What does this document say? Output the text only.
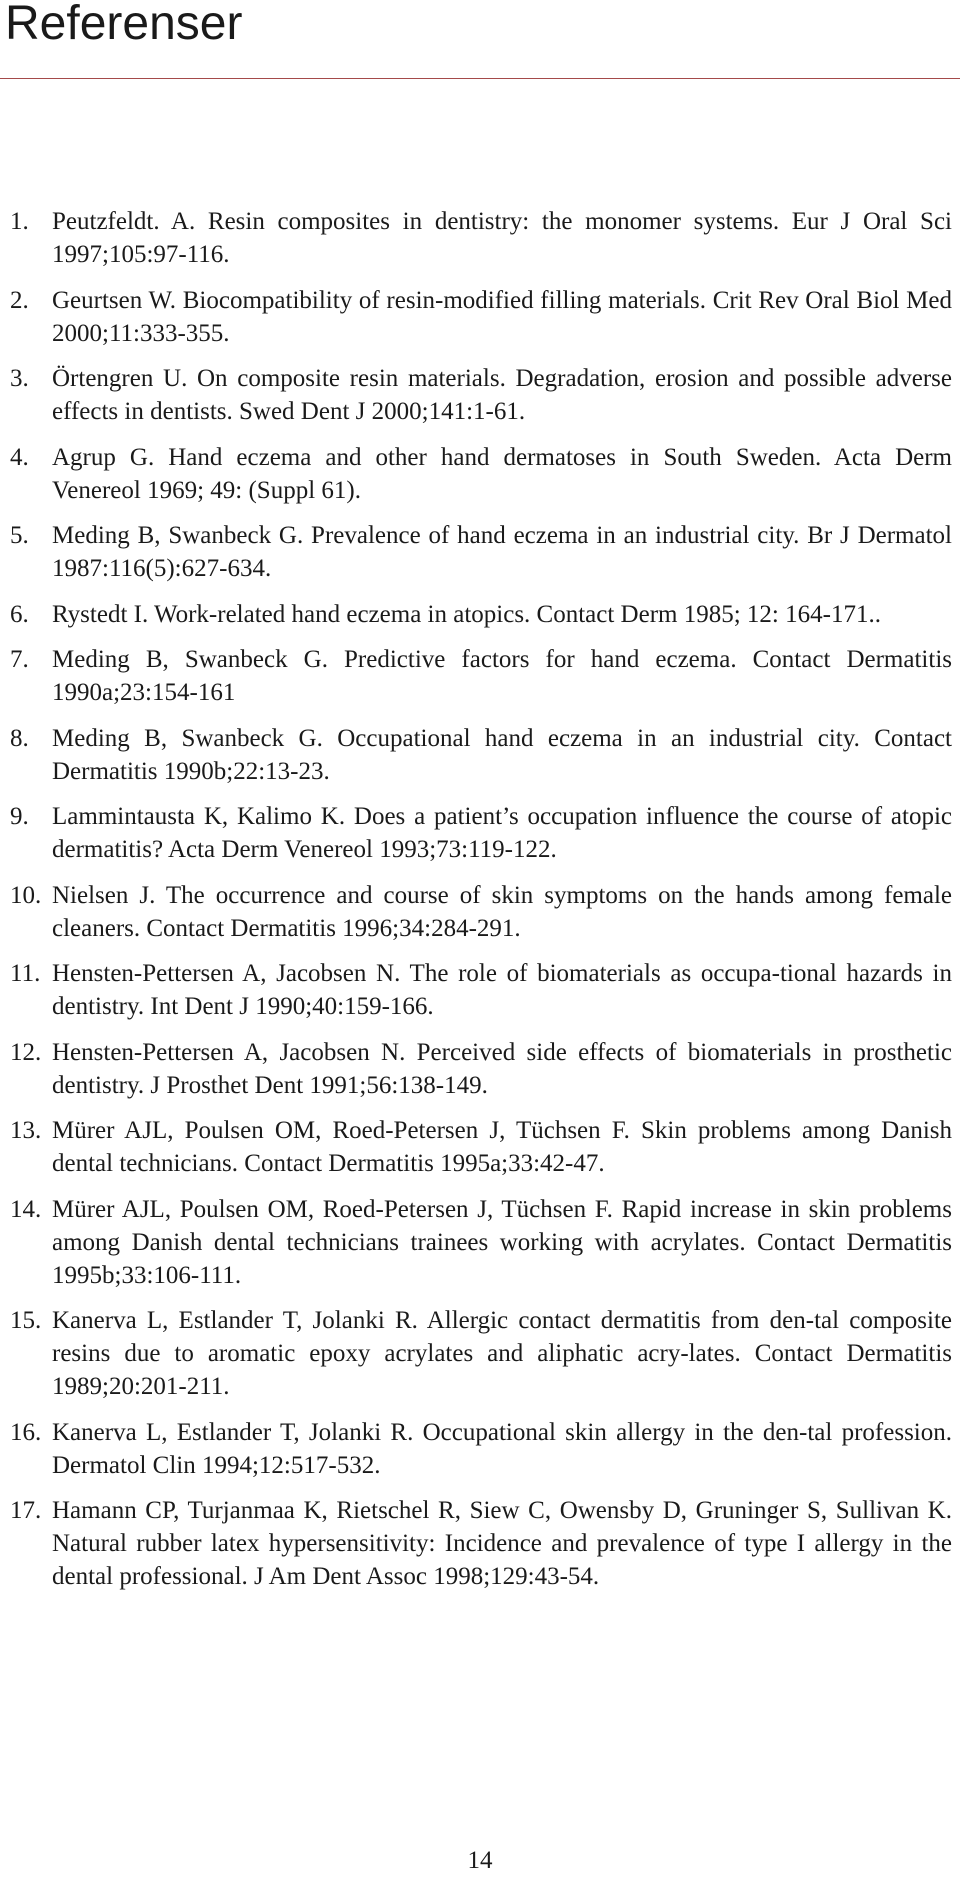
Referenser
1. Peutzfeldt. A. Resin composites in dentistry: the monomer systems. Eur J Oral Sci 1997;105:97-116.
2. Geurtsen W. Biocompatibility of resin-modified filling materials. Crit Rev Oral Biol Med 2000;11:333-355.
3. Örtengren U. On composite resin materials. Degradation, erosion and possible adverse effects in dentists. Swed Dent J 2000;141:1-61.
4. Agrup G. Hand eczema and other hand dermatoses in South Sweden. Acta Derm Venereol 1969; 49: (Suppl 61).
5. Meding B, Swanbeck G. Prevalence of hand eczema in an industrial city. Br J Dermatol 1987:116(5):627-634.
6. Rystedt I. Work-related hand eczema in atopics. Contact Derm 1985; 12: 164-171..
7. Meding B, Swanbeck G. Predictive factors for hand eczema. Contact Dermatitis 1990a;23:154-161
8. Meding B, Swanbeck G. Occupational hand eczema in an industrial city. Contact Dermatitis 1990b;22:13-23.
9. Lammintausta K, Kalimo K. Does a patient’s occupation influence the course of atopic dermatitis? Acta Derm Venereol 1993;73:119-122.
10. Nielsen J. The occurrence and course of skin symptoms on the hands among female cleaners. Contact Dermatitis 1996;34:284-291.
11. Hensten-Pettersen A, Jacobsen N. The role of biomaterials as occupa-tional hazards in dentistry. Int Dent J 1990;40:159-166.
12. Hensten-Pettersen A, Jacobsen N. Perceived side effects of biomaterials in prosthetic dentistry. J Prosthet Dent 1991;56:138-149.
13. Mürer AJL, Poulsen OM, Roed-Petersen J, Tüchsen F. Skin problems among Danish dental technicians. Contact Dermatitis 1995a;33:42-47.
14. Mürer AJL, Poulsen OM, Roed-Petersen J, Tüchsen F. Rapid increase in skin problems among Danish dental technicians trainees working with acrylates. Contact Dermatitis 1995b;33:106-111.
15. Kanerva L, Estlander T, Jolanki R. Allergic contact dermatitis from den-tal composite resins due to aromatic epoxy acrylates and aliphatic acry-lates. Contact Dermatitis 1989;20:201-211.
16. Kanerva L, Estlander T, Jolanki R. Occupational skin allergy in the den-tal profession. Dermatol Clin 1994;12:517-532.
17. Hamann CP, Turjanmaa K, Rietschel R, Siew C, Owensby D, Gruninger S, Sullivan K. Natural rubber latex hypersensitivity: Incidence and prevalence of type I allergy in the dental professional. J Am Dent Assoc 1998;129:43-54.
14
